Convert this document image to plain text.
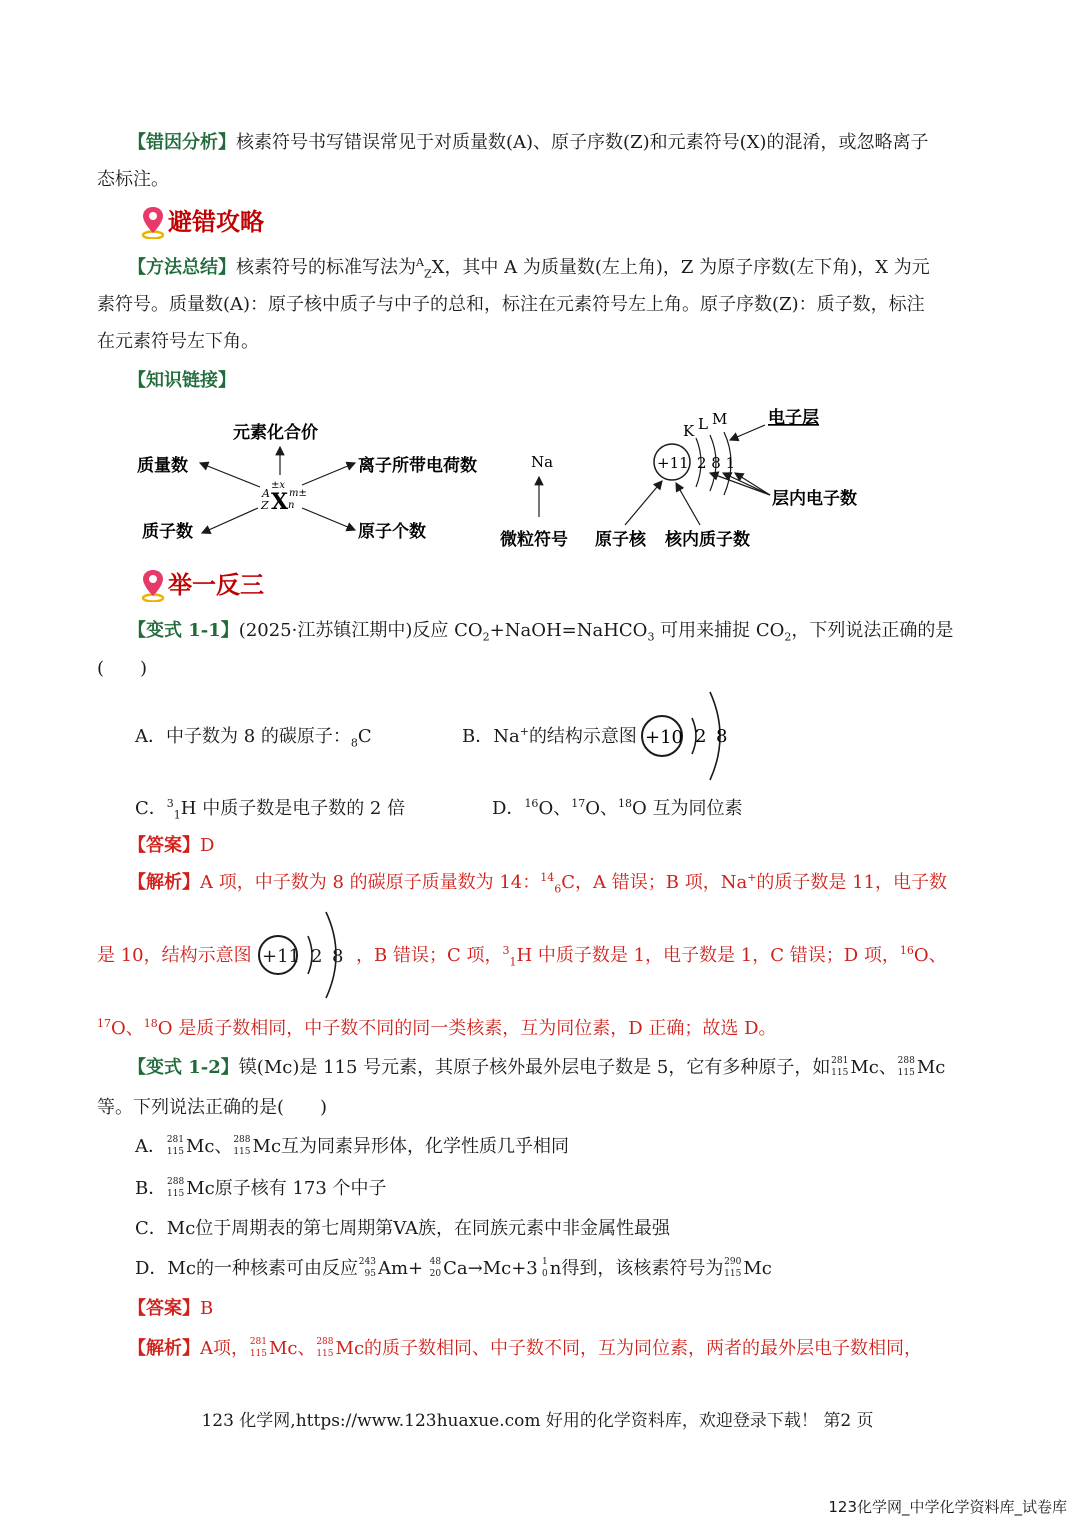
【错因分析】核素符号书写错误常见于对质量数(A)、原子序数(Z)和元素符号(X)的混淆，或忽略离子
态标注。
避错攻略
【方法总结】核素符号的标准写法为$^A_Z$X，其中 A 为质量数(左上角)，Z 为原子序数(左下角)，X 为元
素符号。质量数(A)：原子核中质子与中子的总和，标注在元素符号左上角。原子序数(Z)：质子数，标注
在元素符号左下角。
【知识链接】
元素化合价
质量数	离子所带电荷数
质子数	原子个数
±x
A
Z X m±
n
Na
微粒符号
+11 2 8 1
K L M 电子层
层内电子数
原子核 核内质子数
举一反三
【变式 1-1】(2025·江苏镇江期中)反应 $CO_2+NaOH=NaHCO_3$ 可用来捕捉 $CO_2$，下列说法正确的是
(　　)
A．中子数为 8 的碳原子：$_8$C	B．Na+的结构示意图 +10 2 8
C．$^3_1$H 中质子数是电子数的 2 倍	D．$^{16}$O、$^{17}$O、$^{18}$O 互为同位素
【答案】D
【解析】A 项，中子数为 8 的碳原子质量数为 14：$^{14}_6$C，A 错误；B 项，Na+的质子数是 11，电子数
是 10，结构示意图 +11 2 8 ，B 错误；C 项，$^3_1$H 中质子数是 1，电子数是 1，C 错误；D 项，$^{16}$O、
$^{17}$O、$^{18}$O 是质子数相同，中子数不同的同一类核素，互为同位素，D 正确；故选 D。
【变式 1-2】镆(Mc)是 115 号元素，其原子核外最外层电子数是 5，它有多种原子，如 281
115 Mc、 288
115 Mc
等。下列说法正确的是(　　)
A． 281
115 Mc、 288
115 Mc互为同素异形体，化学性质几乎相同
B． 288
115 Mc原子核有 173 个中子
C．Mc位于周期表的第七周期第VA族，在同族元素中非金属性最强
D．Mc的一种核素可由反应 243
95 Am+ 48
20 Ca→Mc+3 1
0 n得到，该核素符号为 290
115 Mc
【答案】B
【解析】A项， 281
115 Mc、 288
115 Mc的质子数相同、中子数不同，互为同位素，两者的最外层电子数相同，
123 化学网,https://www.123huaxue.com 好用的化学资料库，欢迎登录下载！ 第2 页
123化学网_中学化学资料库_试卷库
